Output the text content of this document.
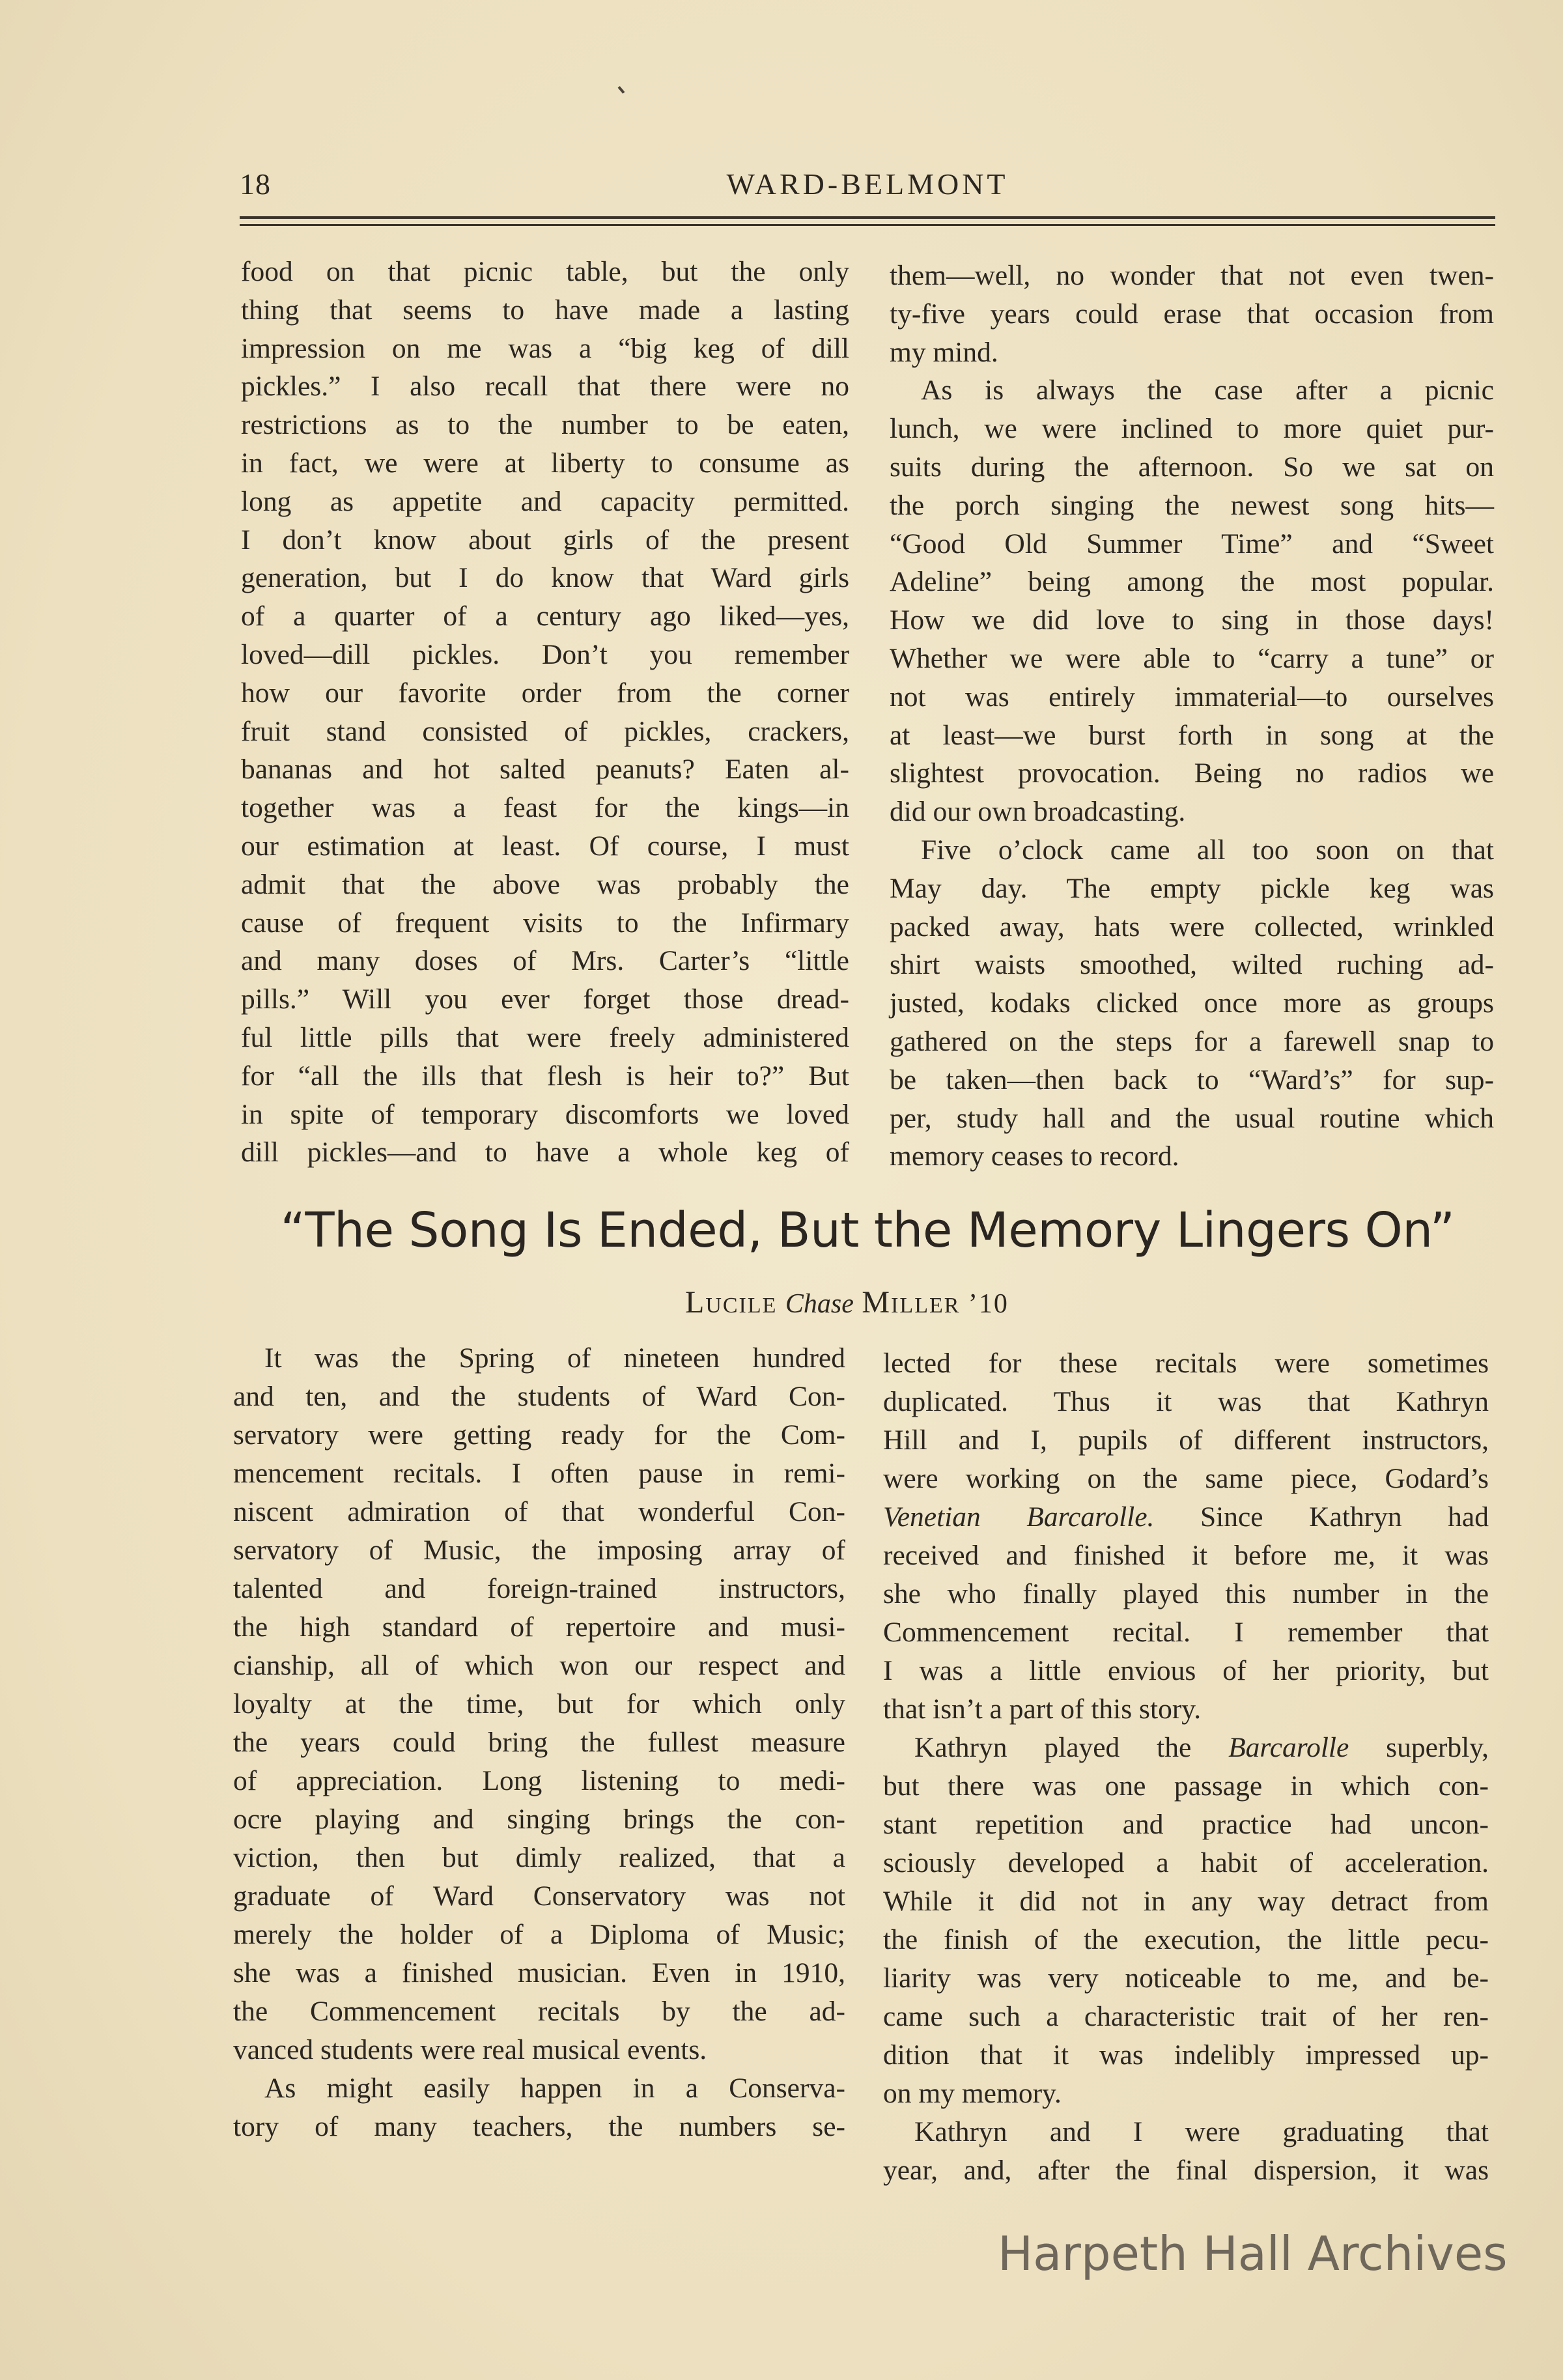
18	WARD-BELMONT
food on that picnic table, but the only
thing that seems to have made a lasting
impression on me was a “big keg of dill
pickles.” I also recall that there were no
restrictions as to the number to be eaten,
in fact, we were at liberty to consume as
long as appetite and capacity permitted.
I don’t know about girls of the present
generation, but I do know that Ward girls
of a quarter of a century ago liked—yes,
loved—dill pickles. Don’t you remember
how our favorite order from the corner
fruit stand consisted of pickles, crackers,
bananas and hot salted peanuts? Eaten al-
together was a feast for the kings—in
our estimation at least. Of course, I must
admit that the above was probably the
cause of frequent visits to the Infirmary
and many doses of Mrs. Carter’s “little
pills.” Will you ever forget those dread-
ful little pills that were freely administered
for “all the ills that flesh is heir to?” But
in spite of temporary discomforts we loved
dill pickles—and to have a whole keg of
them—well, no wonder that not even twen-
ty-five years could erase that occasion from
my mind.
As is always the case after a picnic
lunch, we were inclined to more quiet pur-
suits during the afternoon. So we sat on
the porch singing the newest song hits—
“Good Old Summer Time” and “Sweet
Adeline” being among the most popular.
How we did love to sing in those days!
Whether we were able to “carry a tune” or
not was entirely immaterial—to ourselves
at least—we burst forth in song at the
slightest provocation. Being no radios we
did our own broadcasting.
Five o’clock came all too soon on that
May day. The empty pickle keg was
packed away, hats were collected, wrinkled
shirt waists smoothed, wilted ruching ad-
justed, kodaks clicked once more as groups
gathered on the steps for a farewell snap to
be taken—then back to “Ward’s” for sup-
per, study hall and the usual routine which
memory ceases to record.
“The Song Is Ended, But the Memory Lingers On”
Lucile Chase Miller ’10
It was the Spring of nineteen hundred
and ten, and the students of Ward Con-
servatory were getting ready for the Com-
mencement recitals. I often pause in remi-
niscent admiration of that wonderful Con-
servatory of Music, the imposing array of
talented and foreign-trained instructors,
the high standard of repertoire and musi-
cianship, all of which won our respect and
loyalty at the time, but for which only
the years could bring the fullest measure
of appreciation. Long listening to medi-
ocre playing and singing brings the con-
viction, then but dimly realized, that a
graduate of Ward Conservatory was not
merely the holder of a Diploma of Music;
she was a finished musician. Even in 1910,
the Commencement recitals by the ad-
vanced students were real musical events.
As might easily happen in a Conserva-
tory of many teachers, the numbers se-
lected for these recitals were sometimes
duplicated. Thus it was that Kathryn
Hill and I, pupils of different instructors,
were working on the same piece, Godard’s
Venetian Barcarolle. Since Kathryn had
received and finished it before me, it was
she who finally played this number in the
Commencement recital. I remember that
I was a little envious of her priority, but
that isn’t a part of this story.
Kathryn played the Barcarolle superbly,
but there was one passage in which con-
stant repetition and practice had uncon-
sciously developed a habit of acceleration.
While it did not in any way detract from
the finish of the execution, the little pecu-
liarity was very noticeable to me, and be-
came such a characteristic trait of her ren-
dition that it was indelibly impressed up-
on my memory.
Kathryn and I were graduating that
year, and, after the final dispersion, it was
Harpeth Hall Archives
